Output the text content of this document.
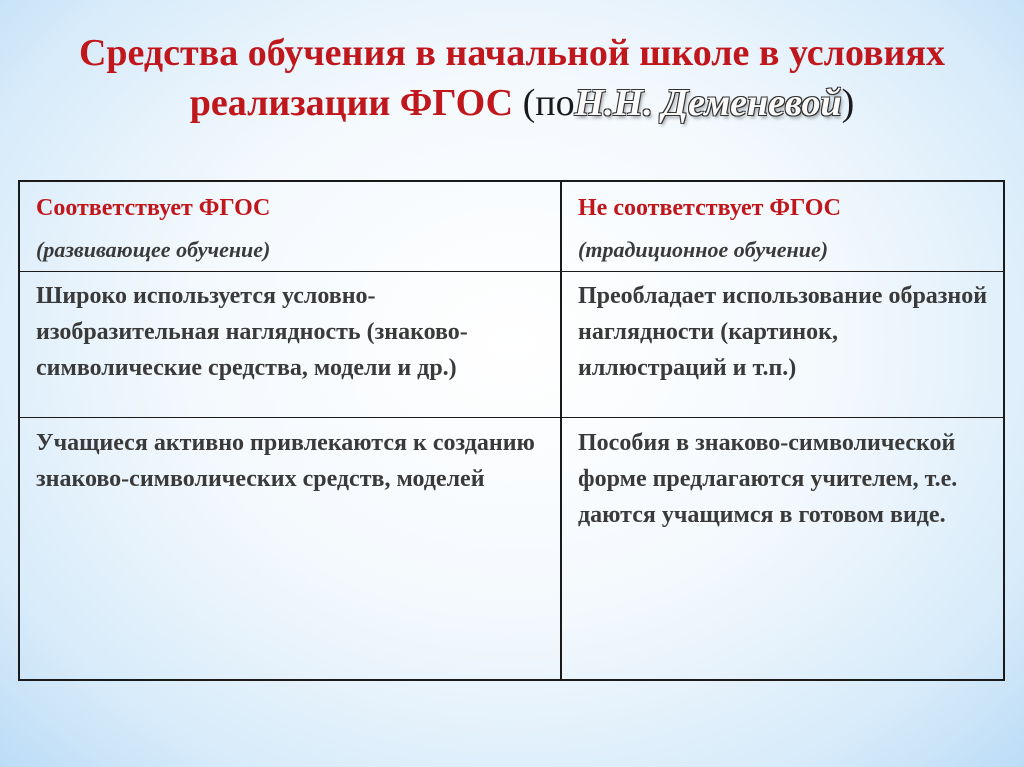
Средства обучения в начальной школе в условиях
реализации ФГОС (поН.Н. Деменевой)
Соответствует ФГОС
(развивающее обучение)
Не соответствует ФГОС
(традиционное обучение)
Широко используется условно-изобразительная наглядность (знаково-символические средства, модели и др.)
Преобладает использование образной наглядности (картинок, иллюстраций и т.п.)
Учащиеся активно привлекаются к созданию знаково-символических средств, моделей
Пособия в знаково-символической форме предлагаются учителем, т.е. даются учащимся в готовом виде.
